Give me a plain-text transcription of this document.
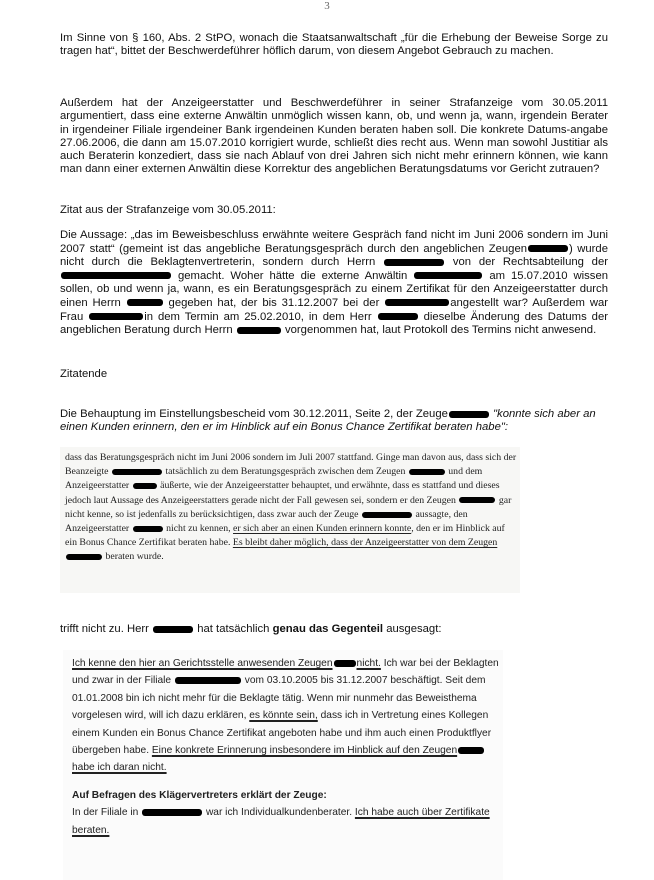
3

Im Sinne von § 160, Abs. 2 StPO, wonach die Staatsanwaltschaft „für die Erhebung der Beweise Sorge zu tragen hat“, bittet der Beschwerdeführer höflich darum, von diesem Angebot Gebrauch zu machen.

Außerdem hat der Anzeigeerstatter und Beschwerdeführer in seiner Strafanzeige vom 30.05.2011 argumentiert, dass eine externe Anwältin unmöglich wissen kann, ob, und wenn ja, wann, irgendein Berater in irgendeiner Filiale irgendeiner Bank irgendeinen Kunden beraten haben soll. Die konkrete Datums-angabe 27.06.2006, die dann am 15.07.2010 korrigiert wurde, schließt dies recht aus. Wenn man sowohl Justitiar als auch Beraterin konzediert, dass sie nach Ablauf von drei Jahren sich nicht mehr erinnern können, wie kann man dann einer externen Anwältin diese Korrektur des angeblichen Beratungsdatums vor Gericht zutrauen?

Zitat aus der Strafanzeige vom 30.05.2011:

Die Aussage: „das im Beweisbeschluss erwähnte weitere Gespräch fand nicht im Juni 2006 sondern im Juni 2007 statt“ (gemeint ist das angebliche Beratungsgespräch durch den angeblichen Zeugen	) wurde nicht durch die Beklagtenvertreterin, sondern durch Herrn	von der Rechtsabteilung der  gemacht. Woher hätte die externe Anwältin	am 15.07.2010 wissen sollen, ob und wenn ja, wann, es ein Beratungsgespräch zu einem Zertifikat für den Anzeigeerstatter durch einen Herrn	gegeben hat, der bis 31.12.2007 bei der	angestellt war? Außerdem war Frau	in dem Termin am 25.02.2010, in dem Herr	dieselbe Änderung des Datums der angeblichen Beratung durch Herrn	vorgenommen hat, laut Protokoll des Termins nicht anwesend.

Zitatende

Die Behauptung im Einstellungsbescheid vom 30.12.2011, Seite 2, der Zeuge	"konnte sich aber an einen Kunden erinnern, den er im Hinblick auf ein Bonus Chance Zertifikat beraten habe":

dass das Beratungsgespräch nicht im Juni 2006 sondern im Juli 2007 stattfand. Ginge man davon aus, dass sich der Beanzeigte	tatsächlich zu dem Beratungsgespräch zwischen dem Zeugen	und dem Anzeigeerstatter	äußerte, wie der Anzeigeerstatter behauptet, und erwähnte, dass es stattfand und dieses jedoch laut Aussage des Anzeigeerstatters gerade nicht der Fall gewesen sei, sondern er den Zeugen	gar nicht kenne, so ist jedenfalls zu berücksichtigen, dass zwar auch der Zeuge	aussagte, den Anzeigeerstatter	nicht zu kennen, er sich aber an einen Kunden erinnern konnte, den er im Hinblick auf ein Bonus Chance Zertifikat beraten habe. Es bleibt daher möglich, dass der Anzeigeerstatter von dem Zeugen  beraten wurde.

trifft nicht zu. Herr	hat tatsächlich genau das Gegenteil ausgesagt:

Ich kenne den hier an Gerichtsstelle anwesenden Zeugen nicht. Ich war bei der Beklagten und zwar in der Filiale	vom 03.10.2005 bis 31.12.2007 beschäftigt. Seit dem 01.01.2008 bin ich nicht mehr für die Beklagte tätig. Wenn mir nunmehr das Beweisthema vorgelesen wird, will ich dazu erklären, es könnte sein, dass ich in Vertretung eines Kollegen einem Kunden ein Bonus Chance Zertifikat angeboten habe und ihm auch einen Produktflyer übergeben habe. Eine konkrete Erinnerung insbesondere im Hinblick auf den Zeugenhabe ich daran nicht.
Auf Befragen des Klägervertreters erklärt der Zeuge:
In der Filiale in	war ich Individualkundenberater. Ich habe auch über Zertifikate beraten.
